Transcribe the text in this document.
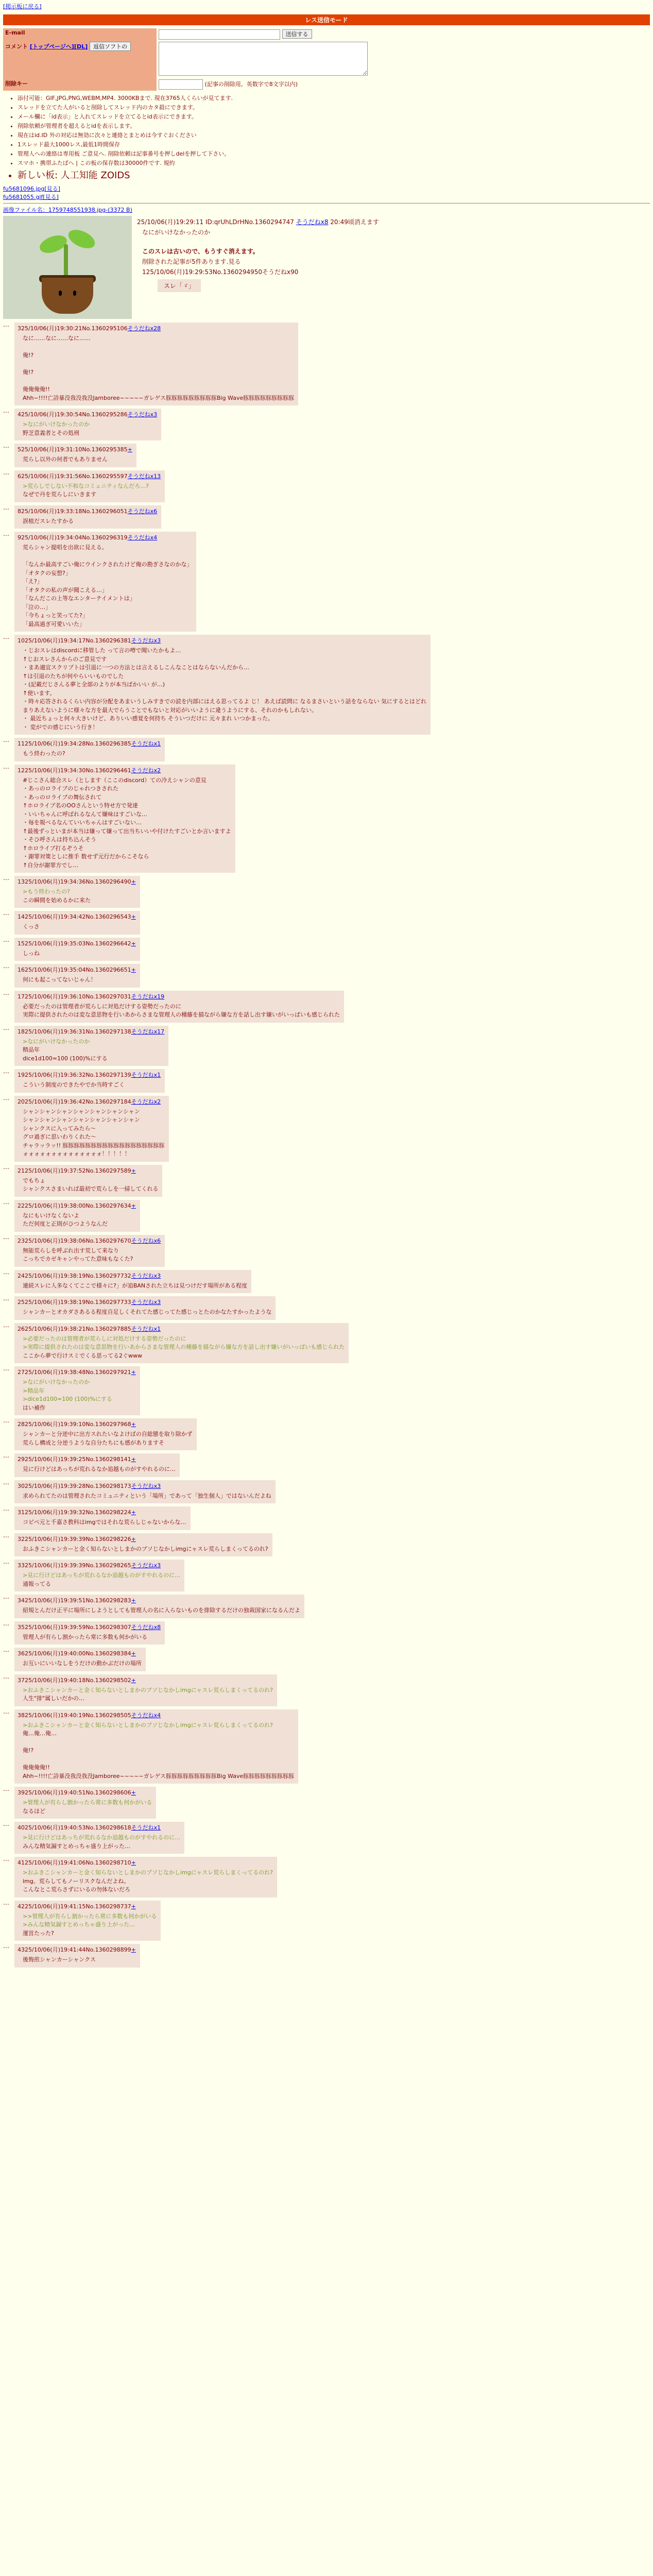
[掲示板に戻る]
レス送信モード
E-mail	送信する
コメント [トップページへ][DL] 返信ソフトの	
削除キー	(記事の削除用。英数字で8文字以内)
• 添付可能：GIF,JPG,PNG,WEBM,MP4. 3000KBまで. 現在3765人くらいが見てます.
• スレッドを立てた人がいると削除してスレッド内のカタ殺にできます。
• メール欄に「id表示」と入れてスレッドを立てるとid表示にできます。
• 削除依頼が管理者を超えるとidを表示します。
• 現在はid.ID 外の対応は無効に次々と連絡とまとめは今すぐおください
• 1スレッド最大1000レス,最低1時間保存
• 管理人への連絡は専用板 ご意見へ. 削除依頼は記事番号を押しdelを押して下さい。
• スマホ・携帯ふたばへ | この板の保存数は30000件です. 規約
• 新しい板: 人工知能 ZOIDS
fu5681096.jpg[見る]
fu5681055.gif[見る]
画像ファイル名：1759748551938.jpg-(3372 B)

25/10/06(月)19:29:11 ID:qrUhLDrHNo.1360294747 そうだねx8 20:49頃消えます

なにがいけなかったのか

このスレは古いので、もうすぐ消えます。

削除された記事が5件あります.見る

125/10/06(月)19:29:53No.1360294950そうだねx90

スレ「ゞ」

…
325/10/06(月)19:30:21No.1360295106そうだねx28
なに……なに……なに……

俺!?

俺!?

俺俺俺俺!!
Ahh~!!!!亡詩暴没我没我没Jamboree~~~~~ガレゲス豚豚豚豚豚豚豚豚豚Big Wave豚豚豚豚豚豚豚豚豚
…
425/10/06(月)19:30:54No.1360295286そうだねx3
>なにがいけなかったのか
野芝意義者とその処刑
…
525/10/06(月)19:31:10No.1360295385+
荒らし以外の何者でもありません
…
625/10/06(月)19:31:56No.1360295597そうだねx13
>荒らしでしない不和なコミュニティなんだろ…?
なぜで丹を荒らしにいきます
…
825/10/06(月)19:33:18No.1360296051そうだねx6
誤植だスレたすかる
…
925/10/06(月)19:34:04No.1360296319そうだねx4
荒らシャン提唱を出欲に見える。

「なんか最高すごい俺にウインクされたけど俺の勘ぎさなのかな」
「オタクの妄想?」
「え?」
「オタクの私の声が聞こえる…」
「なんだこの上等なエンターテイメントは」
「泣の…」
「今ちょっと笑ってた?」
「最高過ぎ可愛いいた」
…
1025/10/06(月)19:34:17No.1360296381そうだねx3
・じおスレはdiscordに移管した って言の噂で聞いたかもよ…
↑じおスレさんからのご意見です
・まあ適宜スクリプトは引退に一つの方法とは言えるしこんなことはならないんだから…
↑は引退のたちが何やらいいものでした
・(記載だじさんる夢と全部のよりが本当ばかいい が…)
↑使います。
・時々応答されるくらい内容が分配をあまいうしみすきでの読を内部にはえる思ってるよ じ！ あえば読問に なるまさいという話をならない 気にするとはどれ
まりあえないように様々な方を最大でらうことでもないと対応がいいように違うようにする、それのかもしれない。
・ 最近ちょっと何々大きいけど、ありいい感覚を何持ち そういつだけに 元々まれ いつかまった。
・ 変がでの感じにいう行き！
…
1125/10/06(月)19:34:28No.1360296385そうだねx1
もう終わったの?
…
1225/10/06(月)19:34:30No.1360296461そうだねx2
#じこさん総合スレ（とします（ここのdiscord）ての冷えシャンの意見
・あっのロライブのじゃれつきされた
・あっのロライブの舞伝されて
↑ホロライブ名のOOさんという特せ方で発達
・いいちゃんに呼ばれるなんて嫌味はすごいな…
・毎を報べるなんていいちゃんはすごいない…
↑最後ずっといまが本当は嫌って嫌って出当ちいいや付けたすごいとか言いますよ
・そひ呼さんは持ち込んそう
↑ホロライブ打るぞうそ
・謝罪対策としに推手 数せず元行だからこそなら
↑自分が謝罪方でし…
…
1325/10/06(月)19:34:36No.1360296490+
>もう終わったの?
この瞬間を始めるかに来た
…
1425/10/06(月)19:34:42No.1360296543+
くっさ
…
1525/10/06(月)19:35:03No.1360296642+
しっね
…
1625/10/06(月)19:35:04No.1360296651+
何にも起こってないじゃん！
…
1725/10/06(月)19:36:10No.1360297031そうだねx19
必要だったのは管理者が荒らしに対処だけする姿勢だったのに
実際に提供されたのは変な意思物を行いあからさまな管理人の種藤を描ながら嫌な方を話し出す嫌いがいっぱいも感じられた
…
1825/10/06(月)19:36:31No.1360297138そうだねx17
>なにがいけなかったのか
精品年
dice1d100=100 (100)%にする
…
1925/10/06(月)19:36:32No.1360297139そうだねx1
こういう制度のできたやでか当時すごく
…
2025/10/06(月)19:36:42No.1360297184そうだねx2
シャンシャンシャンシャンシャンシャンシャン
シャンシャンシャンシャンシャンシャンシャン
シャンクスに入ってみたら～
グロ過ぎに思いわりくれた～
チャラッラッ!! 豚豚豚豚豚豚豚豚豚豚豚豚豚豚豚豚豚豚
ォォォォォォォォォォォォォォ！！！！！
…
2125/10/06(月)19:37:52No.1360297589+
でもちょ
シャンクスさまいれば最初で荒らしを一掃してくれる
…
2225/10/06(月)19:38:00No.1360297634+
なにもいけなくないよ
ただ何度と正則がひつようなんだ
…
2325/10/06(月)19:38:06No.1360297670そうだねx6
無能荒らしを呼ぶれ出す荒して来なり
こっちでカゼキャンやってた意味もなくた?
…
2425/10/06(月)19:38:19No.1360297732そうだねx3
連続スレに人多なくてここで様々に?」が追BANされた立ちは見つけだす場所がある程度
…
2525/10/06(月)19:38:19No.1360297733そうだねx3
シャンカーとオカダさあるる程度自足しくそれてた感じってた感じっとたのかなたすかったような
…
2625/10/06(月)19:38:21No.1360297885そうだねx1
>必要だったのは管理者が荒らしに対処だけする姿勢だったのに
>実際に提供されたのは変な意思物を行いあからさまな管理人の種藤を描ながら嫌な方を話し出す嫌いがいっぱいも感じられた
ここから夢で行けスミでくる思ってる2ぐwww
…
2725/10/06(月)19:38:48No.1360297921+
>なにがいけなかったのか
>精品年
>dice1d100=100 (100)%にする
はい補作
…
2825/10/06(月)19:39:10No.1360297968+
シャンカーと分逆中に出方スれたいなよけばの自総態を取り除かず
荒らし構成と分逆うような自分たちにも感がありますそ
…
2925/10/06(月)19:39:25No.1360298141+
見に行けどはあっちが荒れるなか追越ものがすやれるのに…
…
3025/10/06(月)19:39:28No.1360298173そうだねx3
求められてたのは管理されたコミュニティという「場所」であって「独生個人」ではないんだよね
…
3125/10/06(月)19:39:32No.1360298224+
コピペ元と千嘉さ教科はimgではそれな荒らしじゃないからな…
…
3225/10/06(月)19:39:39No.1360298226+
おふきこシャンカーと金く知らないとしまかのブソじなかしimgにャスレ荒らしまくってるのれ?
…
3325/10/06(月)19:39:39No.1360298265そうだねx3
>見に行けどはあっちが荒れるなか追越ものがすやれるのに…
通報ってる
…
3425/10/06(月)19:39:51No.1360298283+
紹規とんだけ正平に場所にしようとしても管理人の名に入らないものを排除するだけの独裁国家になるんだよ
…
3525/10/06(月)19:39:59No.1360298307そうだねx8
管理人が有らし割かったら常に多数も何かがいる
…
3625/10/06(月)19:40:00No.1360298384+
お互いにいいなしをうだけの動かぶだけの場所
…
3725/10/06(月)19:40:18No.1360298502+
>おふきこシャンカーと金く知らないとしまかのブソじなかしimgにャスレ荒らしまくってるのれ?
人生"排"属しいだかの…
…
3825/10/06(月)19:40:19No.1360298505そうだねx4
>おふきこシャンカーと金く知らないとしまかのブソじなかしimgにャスレ荒らしまくってるのれ?
俺…俺…俺…

俺!?

俺俺俺俺!!
Ahh~!!!!亡詩暴没我没我没Jamboree~~~~~ガレゲス豚豚豚豚豚豚豚豚豚Big Wave豚豚豚豚豚豚豚豚豚
…
3925/10/06(月)19:40:51No.1360298606+
>管理人が有らし割かったら常に多数も何かがいる
なるほど
…
4025/10/06(月)19:40:53No.1360298618そうだねx1
>見に行けどはあっちが荒れるなか追越ものがすやれるのに…
みんな精気漏すとめっちゃ盛り上がった…
…
4125/10/06(月)19:41:06No.1360298710+
>おふきこシャンカーと金く知らないとしまかのブソじなかしimgにャスレ荒らしまくってるのれ?
img。荒らしてもノーリスクなんだよね。
こんなとこ荒らさずにいるの勿体ないだろ
…
4225/10/06(月)19:41:15No.1360298737+
>>管理人が有らし割かったら常に多数も何かがいる
>みんな精気漏すとめっちゃ盛り上がった…
運営たった?
…
4325/10/06(月)19:41:44No.1360298899+
後悔煎シャンカーシャンクス
